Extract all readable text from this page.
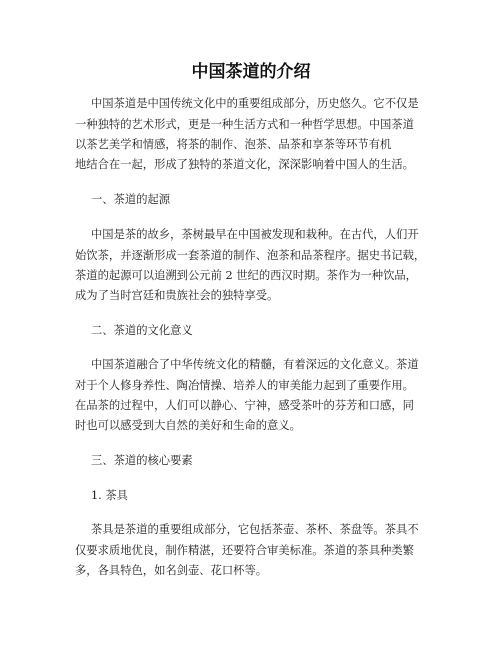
中国茶道的介绍
中国茶道是中国传统文化中的重要组成部分，历史悠久。它不仅是
一种独特的艺术形式，更是一种生活方式和一种哲学思想。中国茶道
以茶艺美学和情感，将茶的制作、泡茶、品茶和享茶等环节有机
地结合在一起，形成了独特的茶道文化，深深影响着中国人的生活。
一、茶道的起源
中国是茶的故乡，茶树最早在中国被发现和栽种。在古代，人们开
始饮茶，并逐渐形成一套茶道的制作、泡茶和品茶程序。据史书记载，
茶道的起源可以追溯到公元前 2 世纪的西汉时期。茶作为一种饮品，
成为了当时宫廷和贵族社会的独特享受。
二、茶道的文化意义
中国茶道融合了中华传统文化的精髓，有着深远的文化意义。茶道
对于个人修身养性、陶冶情操、培养人的审美能力起到了重要作用。
在品茶的过程中，人们可以静心、宁神，感受茶叶的芬芳和口感，同
时也可以感受到大自然的美好和生命的意义。
三、茶道的核心要素
1. 茶具
茶具是茶道的重要组成部分，它包括茶壶、茶杯、茶盘等。茶具不
仅要求质地优良，制作精湛，还要符合审美标准。茶道的茶具种类繁
多，各具特色，如名剑壶、花口杯等。
